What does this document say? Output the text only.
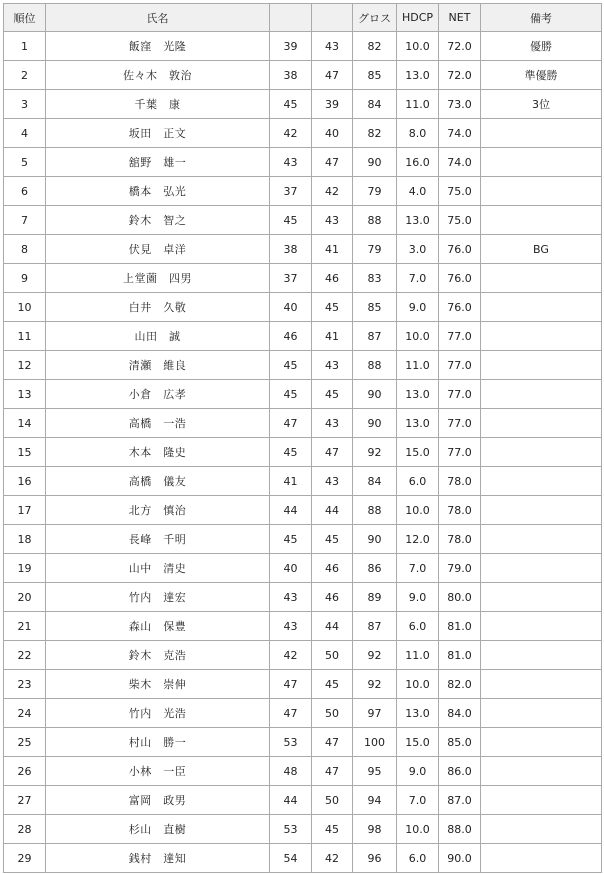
順位	氏名			グロス	HDCP	NET	備考
1	飯窪　光隆	39	43	82	10.0	72.0	優勝
2	佐々木　敦治	38	47	85	13.0	72.0	準優勝
3	千葉　康	45	39	84	11.0	73.0	3位
4	坂田　正文	42	40	82	8.0	74.0	
5	舘野　雄一	43	47	90	16.0	74.0	
6	橋本　弘光	37	42	79	4.0	75.0	
7	鈴木　智之	45	43	88	13.0	75.0	
8	伏見　卓洋	38	41	79	3.0	76.0	BG
9	上堂薗　四男	37	46	83	7.0	76.0	
10	白井　久敬	40	45	85	9.0	76.0	
11	山田　誠	46	41	87	10.0	77.0	
12	清瀬　維良	45	43	88	11.0	77.0	
13	小倉　広孝	45	45	90	13.0	77.0	
14	高橋　一浩	47	43	90	13.0	77.0	
15	木本　隆史	45	47	92	15.0	77.0	
16	高橋　儀友	41	43	84	6.0	78.0	
17	北方　慎治	44	44	88	10.0	78.0	
18	長峰　千明	45	45	90	12.0	78.0	
19	山中　清史	40	46	86	7.0	79.0	
20	竹内　達宏	43	46	89	9.0	80.0	
21	森山　保豊	43	44	87	6.0	81.0	
22	鈴木　克浩	42	50	92	11.0	81.0	
23	柴木　崇伸	47	45	92	10.0	82.0	
24	竹内　光浩	47	50	97	13.0	84.0	
25	村山　勝一	53	47	100	15.0	85.0	
26	小林　一臣	48	47	95	9.0	86.0	
27	富岡　政男	44	50	94	7.0	87.0	
28	杉山　直樹	53	45	98	10.0	88.0	
29	銭村　達知	54	42	96	6.0	90.0	
